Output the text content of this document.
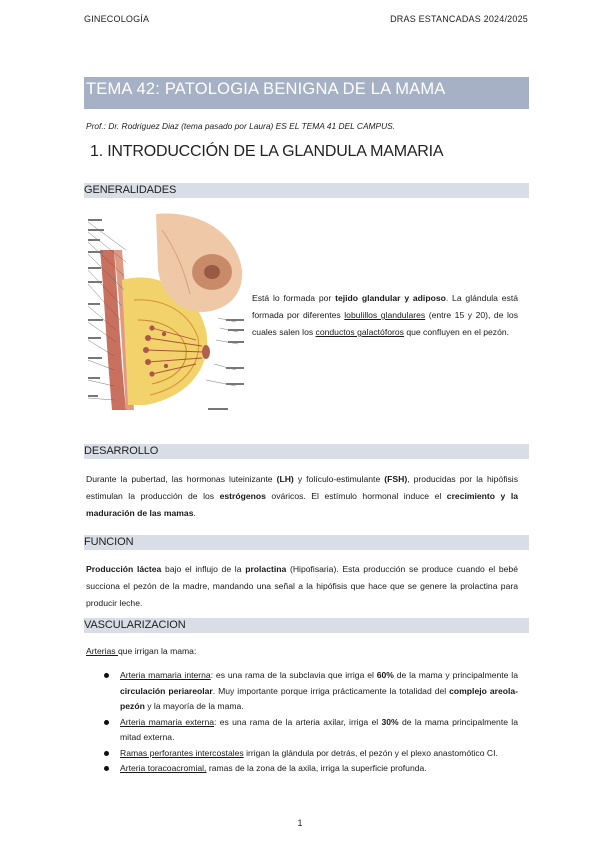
GINECOLOGÍA	DRAS ESTANCADAS 2024/2025
TEMA 42: PATOLOGIA BENIGNA DE LA MAMA
Prof.: Dr. Rodriguez Diaz (tema pasado por Laura) ES EL TEMA 41 DEL CAMPUS.
1. INTRODUCCIÓN DE LA GLANDULA MAMARIA
GENERALIDADES
Está lo formada por tejido glandular y adiposo. La glándula está formada por diferentes lobulillos glandulares (entre 15 y 20), de los cuales salen los conductos galactóforos que confluyen en el pezón.
DESARROLLO
Durante la pubertad, las hormonas luteinizante (LH) y folículo-estimulante (FSH), producidas por la hipófisis estimulan la producción de los estrógenos ováricos. El estímulo hormonal induce el crecimiento y la maduración de las mamas.
FUNCION
Producción láctea bajo el influjo de la prolactina (Hipofisaria). Esta producción se produce cuando el bebé succiona el pezón de la madre, mandando una señal a la hipófisis que hace que se genere la prolactina para producir leche.
VASCULARIZACION
Arterias que irrigan la mama:
Arteria mamaria interna: es una rama de la subclavia que irriga el 60% de la mama y principalmente la circulación periareolar. Muy importante porque irriga prácticamente la totalidad del complejo areola-pezón y la mayoría de la mama.
Arteria mamaria externa: es una rama de la arteria axilar, irriga el 30% de la mama principalmente la mitad externa.
Ramas perforantes intercostales irrigan la glándula por detrás, el pezón y el plexo anastomótico CI.
Arteria toracoacromial, ramas de la zona de la axila, irriga la superficie profunda.
1
